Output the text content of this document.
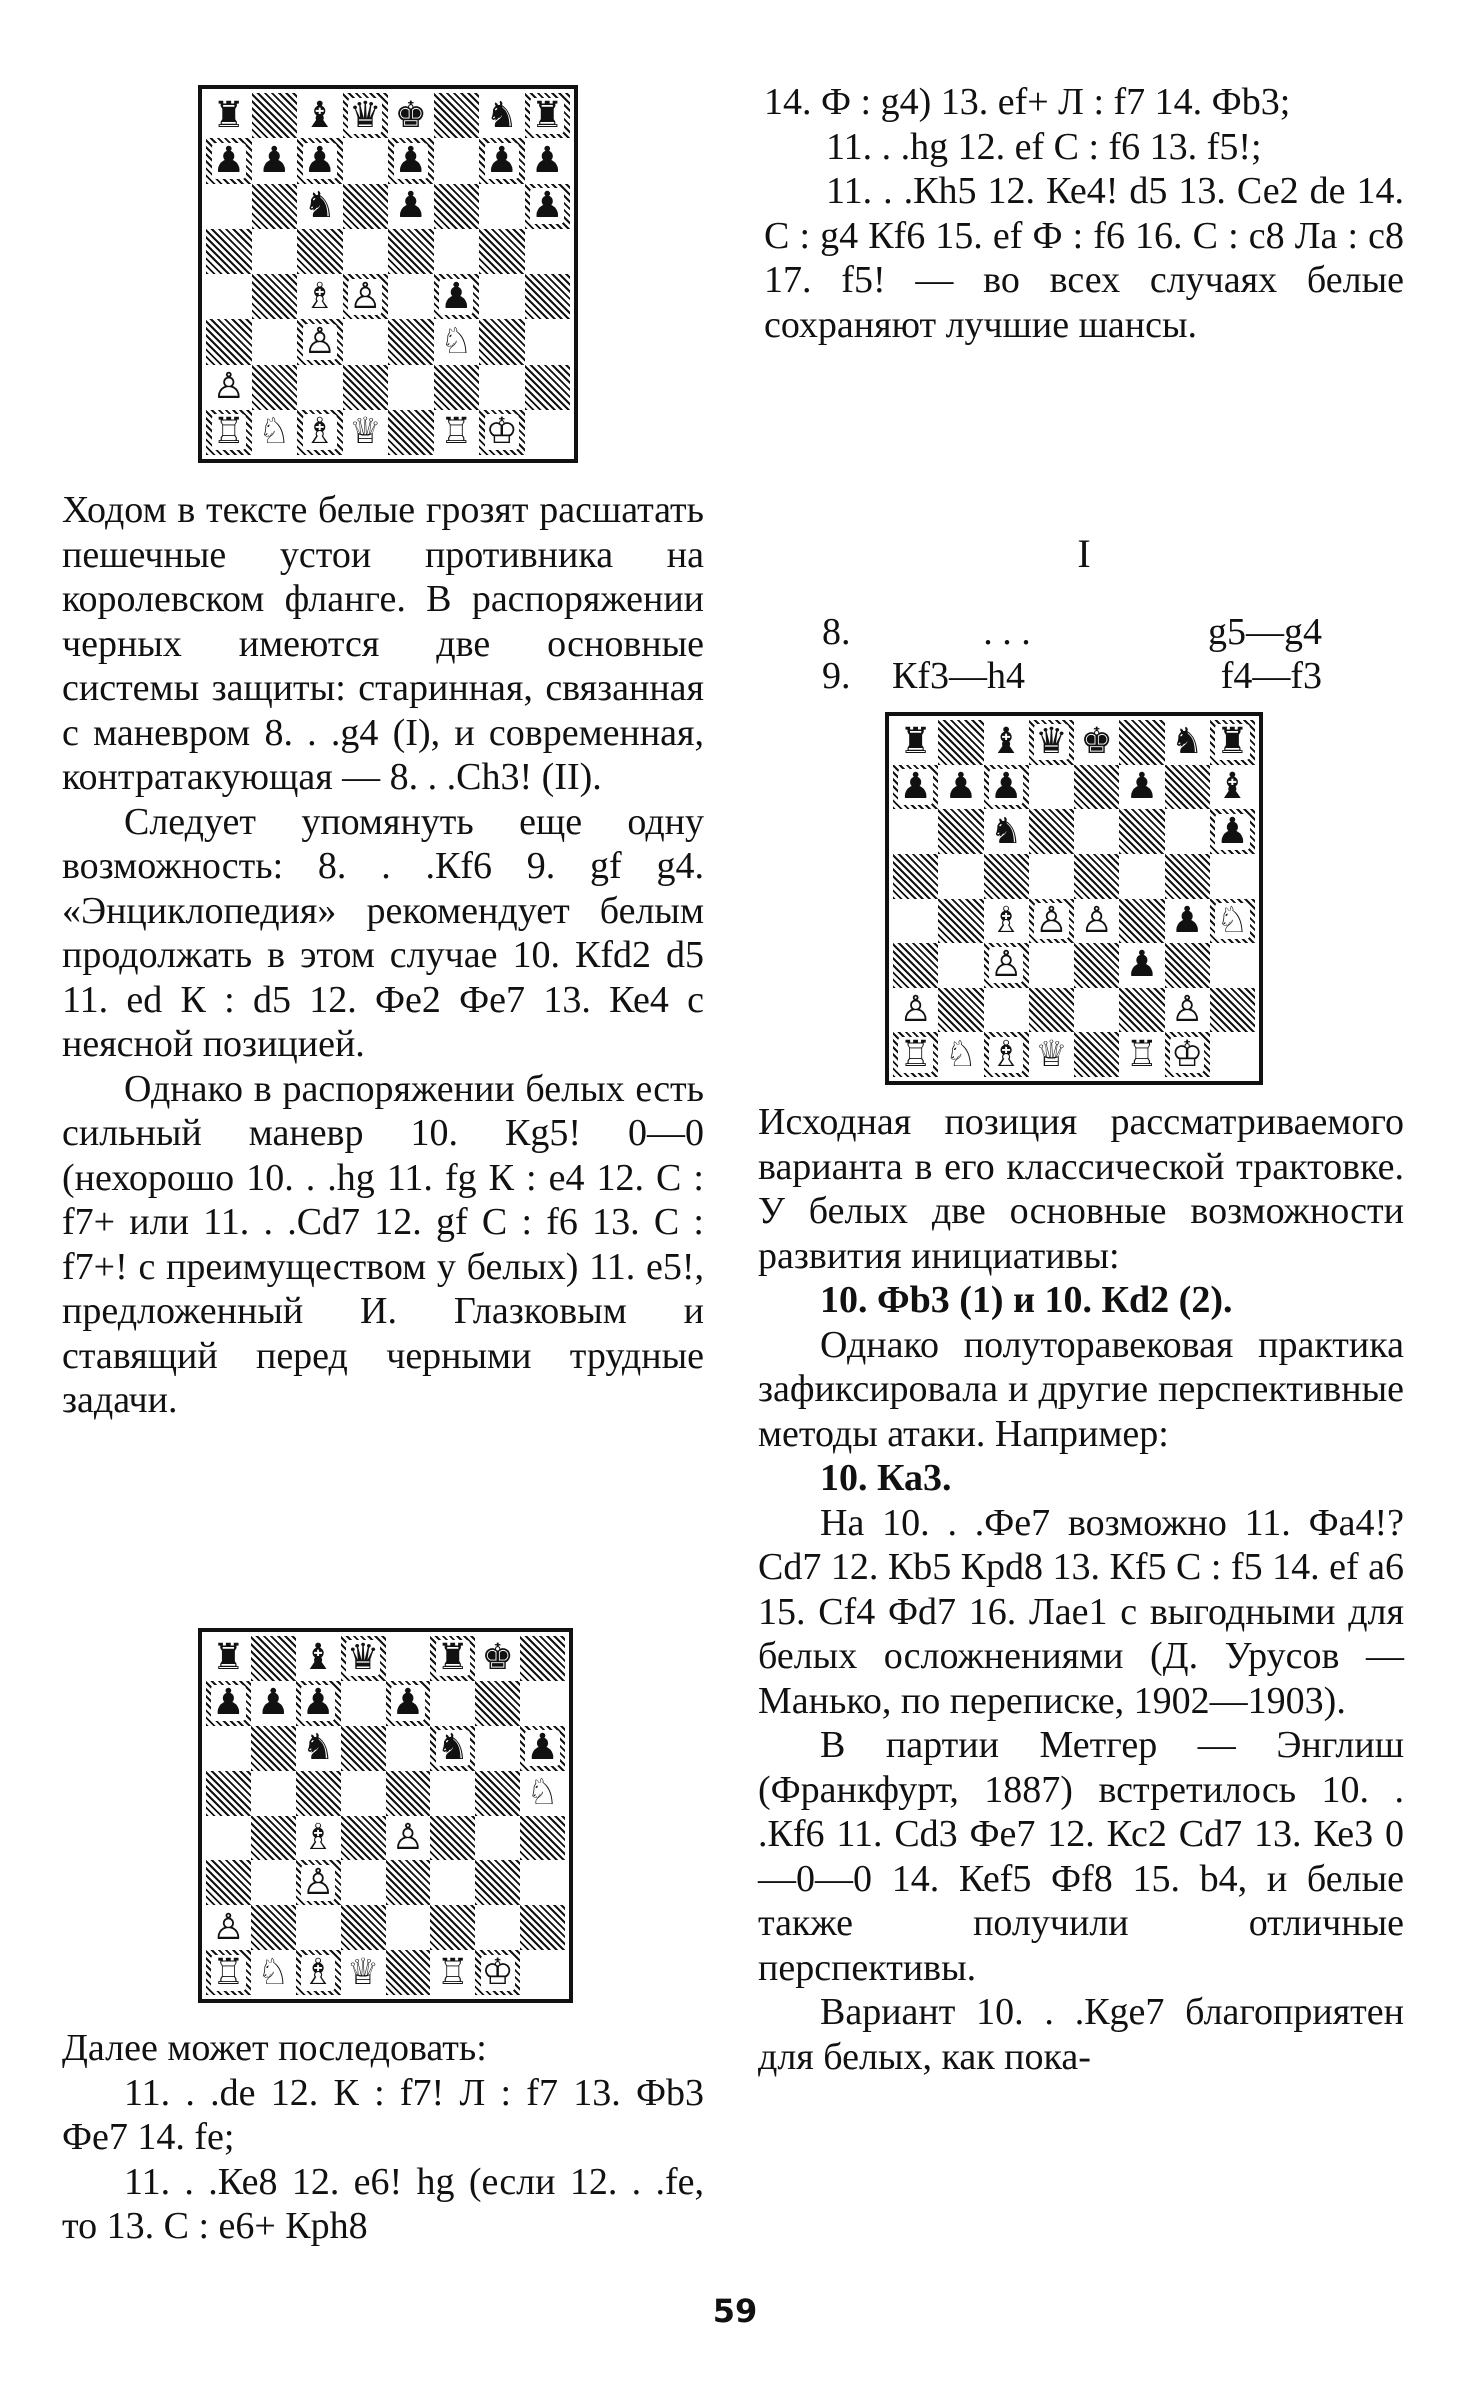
♜ ♝ ♛ ♚ ♞ ♜
♟ ♟ ♟ ♟ ♟ ♟
♞ ♟	♟
♗ ♙ ♟
♙	♘
♙
♖ ♘ ♗ ♕ ♖ ♔

Ходом в тексте белые грозят расшатать пешечные устои противника на королевском фланге. В распоряжении черных имеются две основные системы защиты: старинная, связанная с маневром 8. . .g4 (I), и современная, контратакующая — 8. . .Сh3! (II).

Следует упомянуть еще одну возможность: 8. . .Кf6 9. gf g4. «Энциклопедия» рекомендует белым продолжать в этом случае 10. Кfd2 d5 11. ed К : d5 12. Фе2 Фе7 13. Ке4 с неясной позицией.

Однако в распоряжении белых есть сильный маневр 10. Кg5! 0—0 (нехорошо 10. . .hg 11. fg К : е4 12. С : f7+ или 11. . .Сd7 12. gf С : f6 13. С : f7+! с преимуществом у белых) 11. е5!, предложенный И. Глазковым и ставящий перед черными трудные задачи.

♜ ♝ ♛ ♜ ♚
♟ ♟ ♟ ♟
♞	♞ ♟
♘
♗ ♙
♙
♙
♖ ♘ ♗ ♕ ♖ ♔

Далее может последовать:

11. . .de 12. К : f7! Л : f7 13. Фb3 Фе7 14. fе;

11. . .Ке8 12. е6! hg (если 12. . .fe, то 13. С : е6+ Крh8

14. Ф : g4) 13. ef+ Л : f7 14. Фb3;

11. . .hg 12. ef С : f6 13. f5!;

11. . .Кh5 12. Ке4! d5 13. Се2 de 14. С : g4 Кf6 15. ef Ф : f6 16. С : c8 Ла : c8 17. f5! — во всех случаях белые сохраняют лучшие шансы.

I
8.	. . .	g5—g4
9.	Кf3—h4	f4—f3
♜ ♝ ♛ ♚ ♞ ♜
♟ ♟ ♟	♟ ♝
♞	♟
♗ ♙ ♙ ♟ ♘
♙	♟
♙	♙
♖ ♘ ♗ ♕ ♖ ♔

Исходная позиция рассматриваемого варианта в его классической трактовке. У белых две основные возможности развития инициативы:

10. Фb3 (1) и 10. Кd2 (2).

Однако полуторавековая практика зафиксировала и другие перспективные методы атаки. Например:

10. Ка3.

На 10. . .Фе7 возможно 11. Фа4!? Сd7 12. Кb5 Крd8 13. Кf5 С : f5 14. ef а6 15. Сf4 Фd7 16. Лае1 с выгодными для белых осложнениями (Д. Урусов — Манько, по переписке, 1902—1903).

В партии Метгер — Энглиш (Франкфурт, 1887) встретилось 10. . .Кf6 11. Сd3 Фе7 12. Кс2 Сd7 13. Ке3 0—0—0 14. Кеf5 Фf8 15. b4, и белые также получили отличные перспективы.

Вариант 10. . .Кgе7 благоприятен для белых, как пока-

59
